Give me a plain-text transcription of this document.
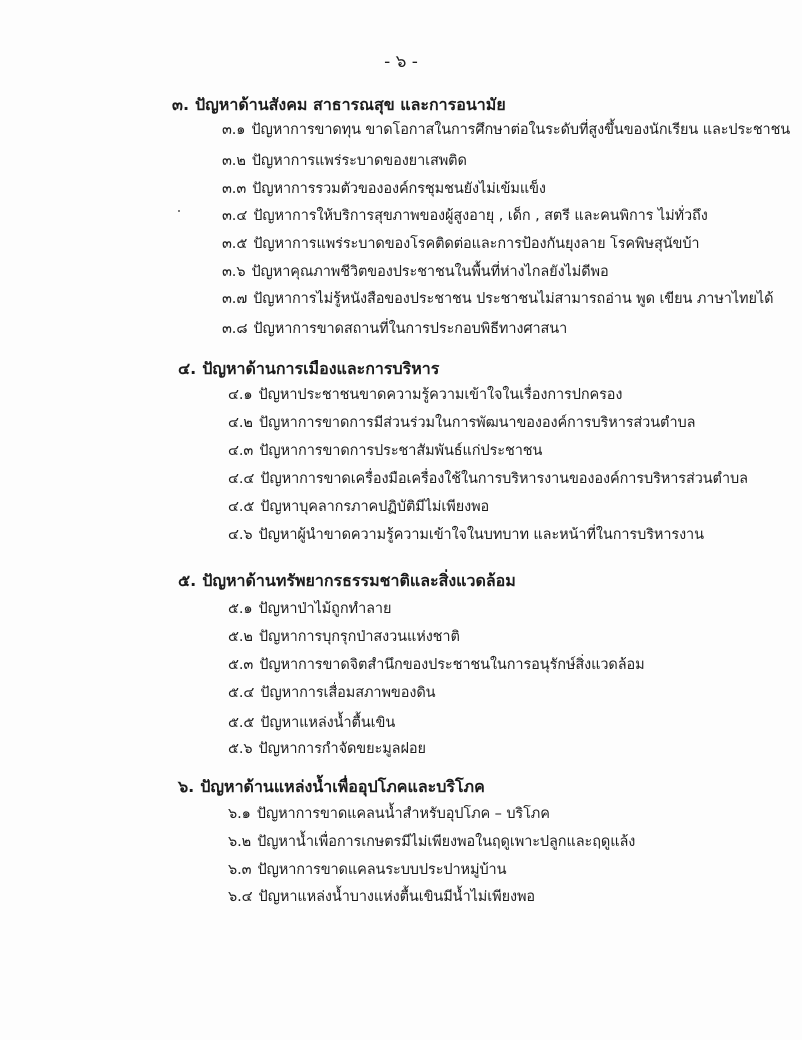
- ๖ -
๓. ปัญหาด้านสังคม สาธารณสุข และการอนามัย
๓.๑ ปัญหาการขาดทุน ขาดโอกาสในการศึกษาต่อในระดับที่สูงขึ้นของนักเรียน และประชาชน
๓.๒ ปัญหาการแพร่ระบาดของยาเสพติด
๓.๓ ปัญหาการรวมตัวขององค์กรชุมชนยังไม่เข้มแข็ง
๓.๔ ปัญหาการให้บริการสุขภาพของผู้สูงอายุ , เด็ก , สตรี และคนพิการ ไม่ทั่วถึง
๓.๕ ปัญหาการแพร่ระบาดของโรคติดต่อและการป้องกันยุงลาย โรคพิษสุนัขบ้า
๓.๖ ปัญหาคุณภาพชีวิตของประชาชนในพื้นที่ห่างไกลยังไม่ดีพอ
๓.๗ ปัญหาการไม่รู้หนังสือของประชาชน ประชาชนไม่สามารถอ่าน พูด เขียน ภาษาไทยได้
๓.๘ ปัญหาการขาดสถานที่ในการประกอบพิธีทางศาสนา
๔. ปัญหาด้านการเมืองและการบริหาร
๔.๑ ปัญหาประชาชนขาดความรู้ความเข้าใจในเรื่องการปกครอง
๔.๒ ปัญหาการขาดการมีส่วนร่วมในการพัฒนาขององค์การบริหารส่วนตำบล
๔.๓ ปัญหาการขาดการประชาสัมพันธ์แก่ประชาชน
๔.๔ ปัญหาการขาดเครื่องมือเครื่องใช้ในการบริหารงานขององค์การบริหารส่วนตำบล
๔.๕ ปัญหาบุคลากรภาคปฏิบัติมีไม่เพียงพอ
๔.๖ ปัญหาผู้นำขาดความรู้ความเข้าใจในบทบาท และหน้าที่ในการบริหารงาน
๕. ปัญหาด้านทรัพยากรธรรมชาติและสิ่งแวดล้อม
๕.๑ ปัญหาป่าไม้ถูกทำลาย
๕.๒ ปัญหาการบุกรุกป่าสงวนแห่งชาติ
๕.๓ ปัญหาการขาดจิตสำนึกของประชาชนในการอนุรักษ์สิ่งแวดล้อม
๕.๔ ปัญหาการเสื่อมสภาพของดิน
๕.๕ ปัญหาแหล่งน้ำตื้นเขิน
๕.๖ ปัญหาการกำจัดขยะมูลฝอย
๖. ปัญหาด้านแหล่งน้ำเพื่ออุปโภคและบริโภค
๖.๑ ปัญหาการขาดแคลนน้ำสำหรับอุปโภค – บริโภค
๖.๒ ปัญหาน้ำเพื่อการเกษตรมีไม่เพียงพอในฤดูเพาะปลูกและฤดูแล้ง
๖.๓ ปัญหาการขาดแคลนระบบประปาหมู่บ้าน
๖.๔ ปัญหาแหล่งน้ำบางแห่งตื้นเขินมีน้ำไม่เพียงพอ
